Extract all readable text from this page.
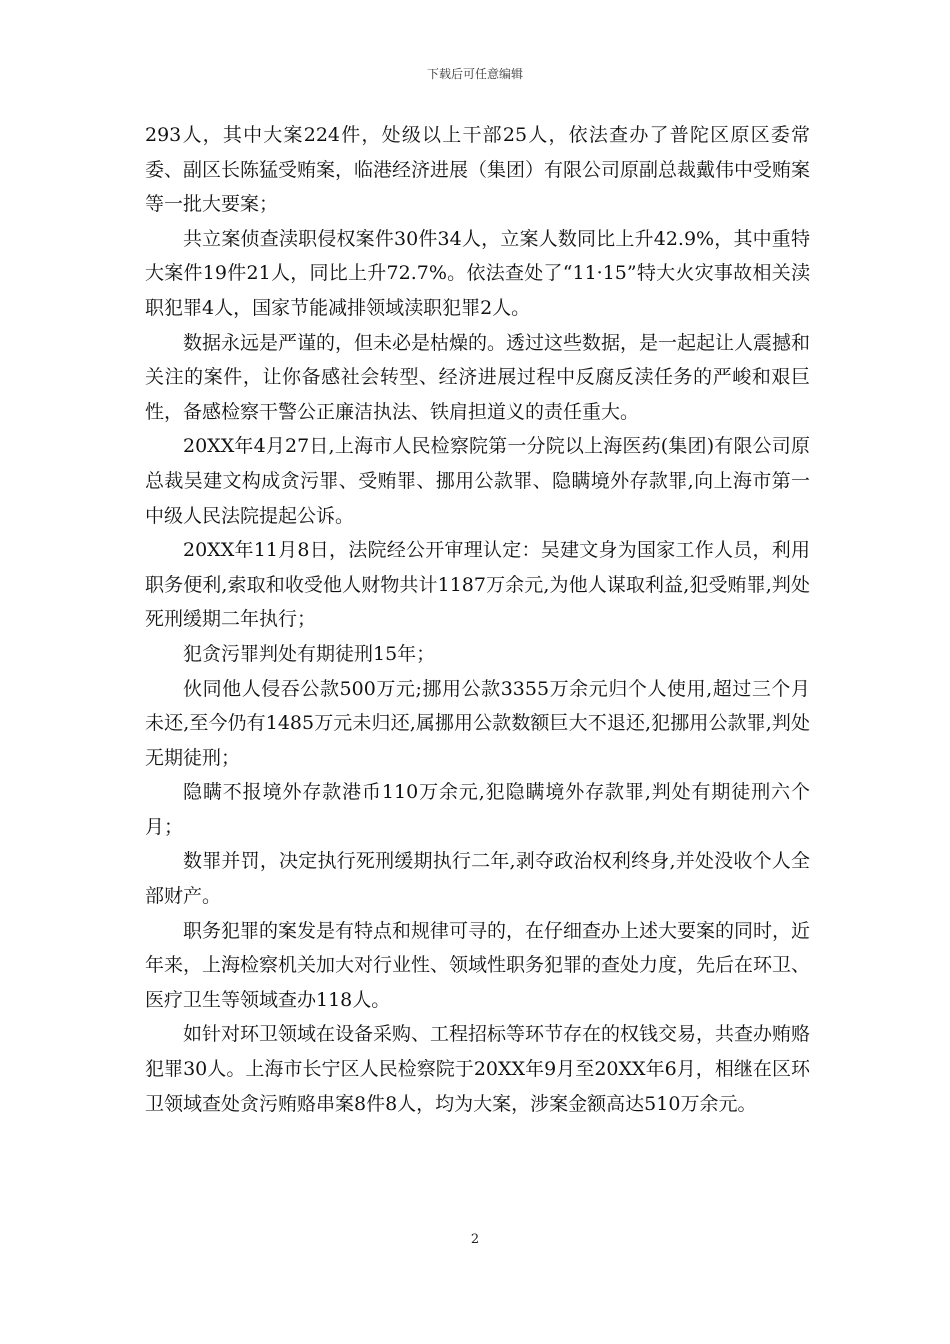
下载后可任意编辑

293人，其中大案224件，处级以上干部25人，依法查办了普陀区原区委常委、副区长陈猛受贿案，临港经济进展（集团）有限公司原副总裁戴伟中受贿案等一批大要案；

共立案侦查渎职侵权案件30件34人，立案人数同比上升42.9%，其中重特大案件19件21人，同比上升72.7%。依法查处了“11·15”特大火灾事故相关渎职犯罪4人，国家节能减排领域渎职犯罪2人。

数据永远是严谨的，但未必是枯燥的。透过这些数据，是一起起让人震撼和关注的案件，让你备感社会转型、经济进展过程中反腐反渎任务的严峻和艰巨性，备感检察干警公正廉洁执法、铁肩担道义的责任重大。

20XX年4月27日,上海市人民检察院第一分院以上海医药(集团)有限公司原总裁吴建文构成贪污罪、受贿罪、挪用公款罪、隐瞒境外存款罪,向上海市第一中级人民法院提起公诉。

20XX年11月8日，法院经公开审理认定：吴建文身为国家工作人员，利用职务便利,索取和收受他人财物共计1187万余元,为他人谋取利益,犯受贿罪,判处死刑缓期二年执行；

犯贪污罪判处有期徒刑15年；

伙同他人侵吞公款500万元;挪用公款3355万余元归个人使用,超过三个月未还,至今仍有1485万元未归还,属挪用公款数额巨大不退还,犯挪用公款罪,判处无期徒刑；

隐瞒不报境外存款港币110万余元,犯隐瞒境外存款罪,判处有期徒刑六个月；

数罪并罚，决定执行死刑缓期执行二年,剥夺政治权利终身,并处没收个人全部财产。

职务犯罪的案发是有特点和规律可寻的，在仔细查办上述大要案的同时，近年来，上海检察机关加大对行业性、领域性职务犯罪的查处力度，先后在环卫、医疗卫生等领域查办118人。

如针对环卫领域在设备采购、工程招标等环节存在的权钱交易，共查办贿赂犯罪30人。上海市长宁区人民检察院于20XX年9月至20XX年6月，相继在区环卫领域查处贪污贿赂串案8件8人，均为大案，涉案金额高达510万余元。

2
